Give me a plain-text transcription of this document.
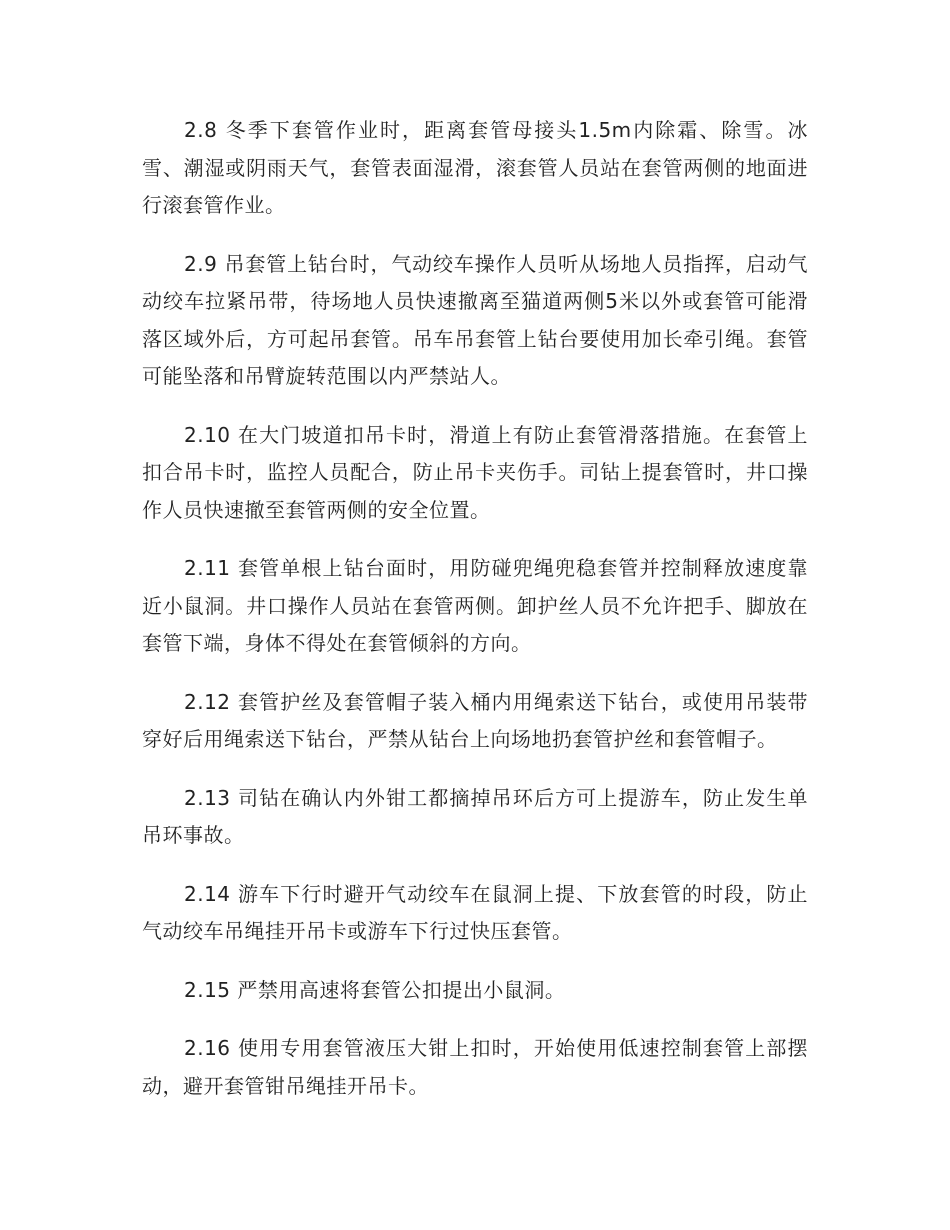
2.8 冬季下套管作业时，距离套管母接头1.5m内除霜、除雪。冰雪、潮湿或阴雨天气，套管表面湿滑，滚套管人员站在套管两侧的地面进行滚套管作业。

2.9 吊套管上钻台时，气动绞车操作人员听从场地人员指挥，启动气动绞车拉紧吊带，待场地人员快速撤离至猫道两侧5米以外或套管可能滑落区域外后，方可起吊套管。吊车吊套管上钻台要使用加长牵引绳。套管可能坠落和吊臂旋转范围以内严禁站人。

2.10 在大门坡道扣吊卡时，滑道上有防止套管滑落措施。在套管上扣合吊卡时，监控人员配合，防止吊卡夹伤手。司钻上提套管时，井口操作人员快速撤至套管两侧的安全位置。

2.11 套管单根上钻台面时，用防碰兜绳兜稳套管并控制释放速度靠近小鼠洞。井口操作人员站在套管两侧。卸护丝人员不允许把手、脚放在套管下端，身体不得处在套管倾斜的方向。

2.12 套管护丝及套管帽子装入桶内用绳索送下钻台，或使用吊装带穿好后用绳索送下钻台，严禁从钻台上向场地扔套管护丝和套管帽子。

2.13 司钻在确认内外钳工都摘掉吊环后方可上提游车，防止发生单吊环事故。

2.14 游车下行时避开气动绞车在鼠洞上提、下放套管的时段，防止气动绞车吊绳挂开吊卡或游车下行过快压套管。

2.15 严禁用高速将套管公扣提出小鼠洞。

2.16 使用专用套管液压大钳上扣时，开始使用低速控制套管上部摆动，避开套管钳吊绳挂开吊卡。
